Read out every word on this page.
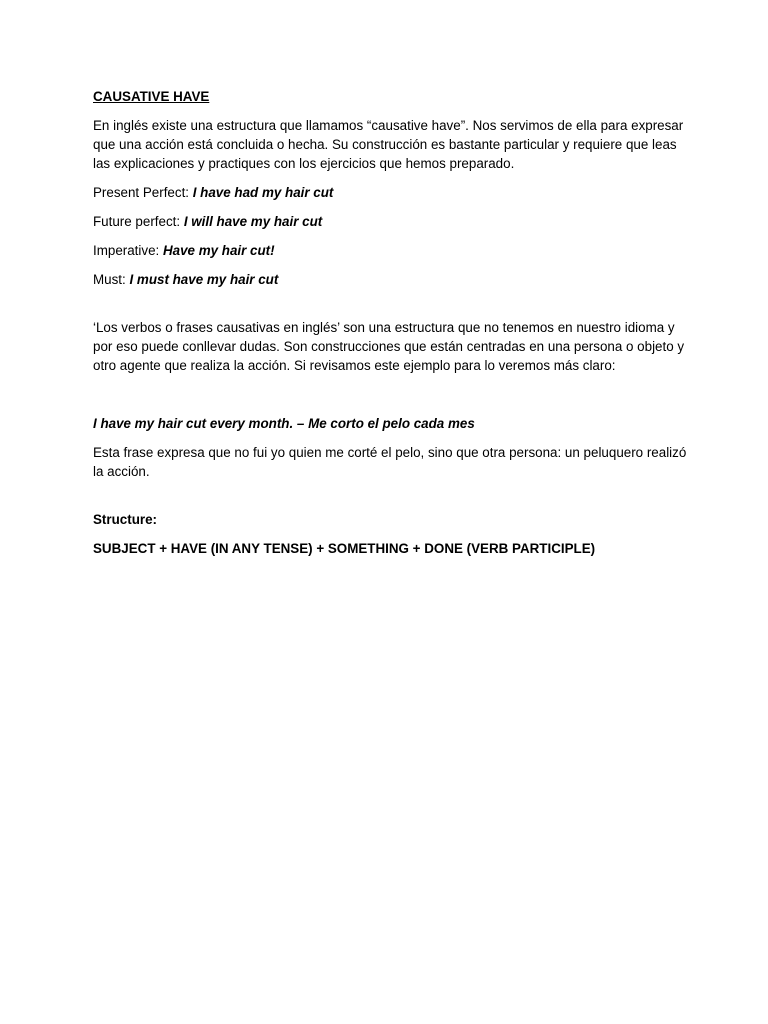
CAUSATIVE HAVE

En inglés existe una estructura que llamamos “causative have”. Nos servimos de ella para expresar que una acción está concluida o hecha. Su construcción es bastante particular y requiere que leas las explicaciones y practiques con los ejercicios que hemos preparado.

Present Perfect: I have had my hair cut

Future perfect: I will have my hair cut

Imperative: Have my hair cut!

Must: I must have my hair cut

‘Los verbos o frases causativas en inglés’ son una estructura que no tenemos en nuestro idioma y por eso puede conllevar dudas. Son construcciones que están centradas en una persona o objeto y otro agente que realiza la acción. Si revisamos este ejemplo para lo veremos más claro:

I have my hair cut every month. – Me corto el pelo cada mes

Esta frase expresa que no fui yo quien me corté el pelo, sino que otra persona: un peluquero realizó la acción.

Structure:

SUBJECT + HAVE (IN ANY TENSE) + SOMETHING + DONE (VERB PARTICIPLE)
